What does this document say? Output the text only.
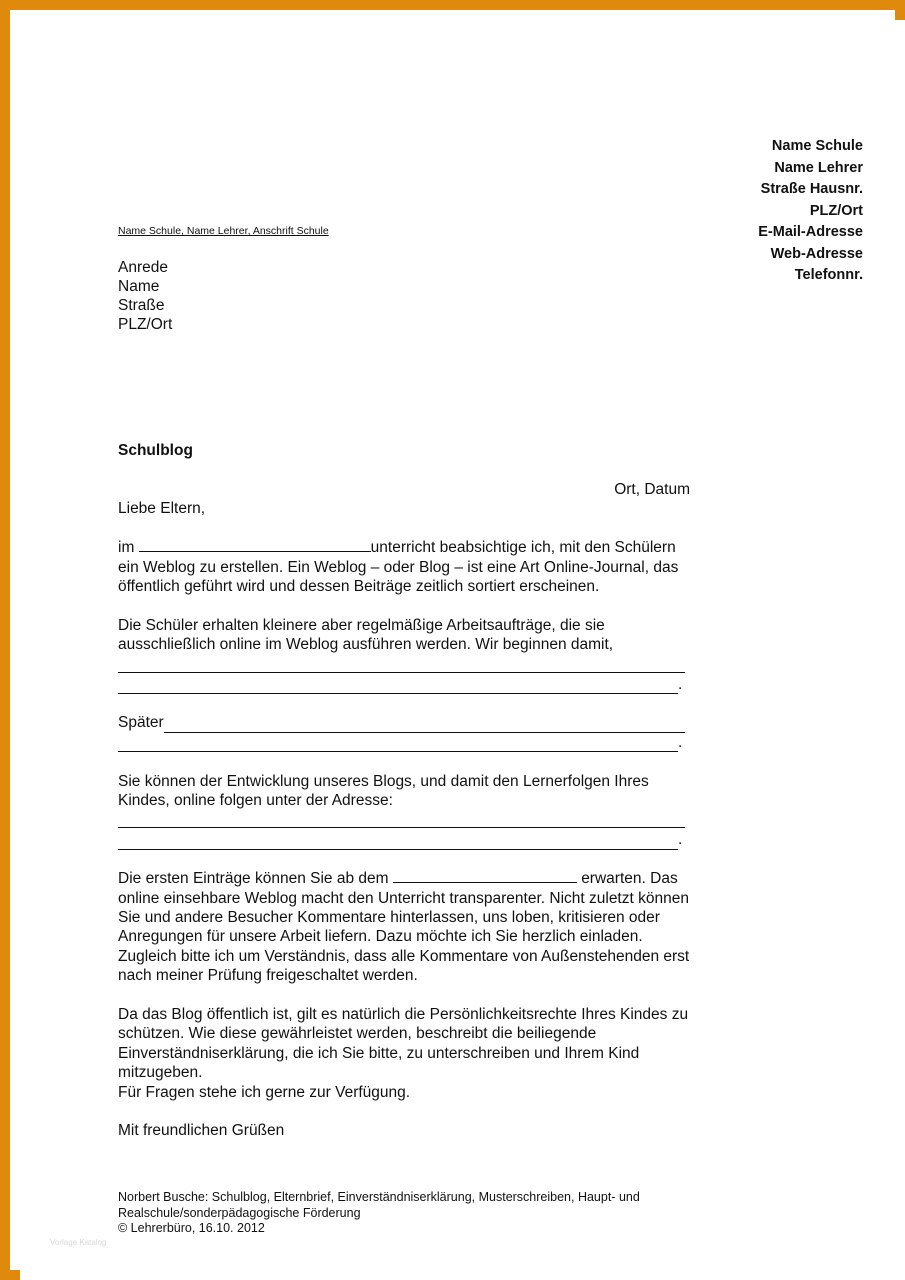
Name Schule
Name Lehrer
Straße Hausnr.
PLZ/Ort
E-Mail-Adresse
Web-Adresse
Telefonnr.
Name Schule, Name Lehrer, Anschrift Schule
Anrede
Name
Straße
PLZ/Ort
Schulblog

Ort, Datum

Liebe Eltern,

im	unterricht beabsichtige ich, mit den Schülern ein Weblog zu erstellen. Ein Weblog – oder Blog – ist eine Art Online-Journal, das öffentlich geführt wird und dessen Beiträge zeitlich sortiert erscheinen.

Die Schüler erhalten kleinere aber regelmäßige Arbeitsaufträge, die sie ausschließlich online im Weblog ausführen werden. Wir beginnen damit,

.
Später
.

Sie können der Entwicklung unseres Blogs, und damit den Lernerfolgen Ihres Kindes, online folgen unter der Adresse:

.

Die ersten Einträge können Sie ab dem	erwarten. Das online einsehbare Weblog macht den Unterricht transparenter. Nicht zuletzt können Sie und andere Besucher Kommentare hinterlassen, uns loben, kritisieren oder Anregungen für unsere Arbeit liefern. Dazu möchte ich Sie herzlich einladen. Zugleich bitte ich um Verständnis, dass alle Kommentare von Außenstehenden erst nach meiner Prüfung freigeschaltet werden.

Da das Blog öffentlich ist, gilt es natürlich die Persönlichkeitsrechte Ihres Kindes zu schützen. Wie diese gewährleistet werden, beschreibt die beiliegende Einverständniserklärung, die ich Sie bitte, zu unterschreiben und Ihrem Kind mitzugeben.

Für Fragen stehe ich gerne zur Verfügung.

Mit freundlichen Grüßen

Norbert Busche: Schulblog, Elternbrief, Einverständniserklärung, Musterschreiben, Haupt- und
Realschule/sonderpädagogische Förderung
© Lehrerbüro, 16.10. 2012
Vorlage Katalog
